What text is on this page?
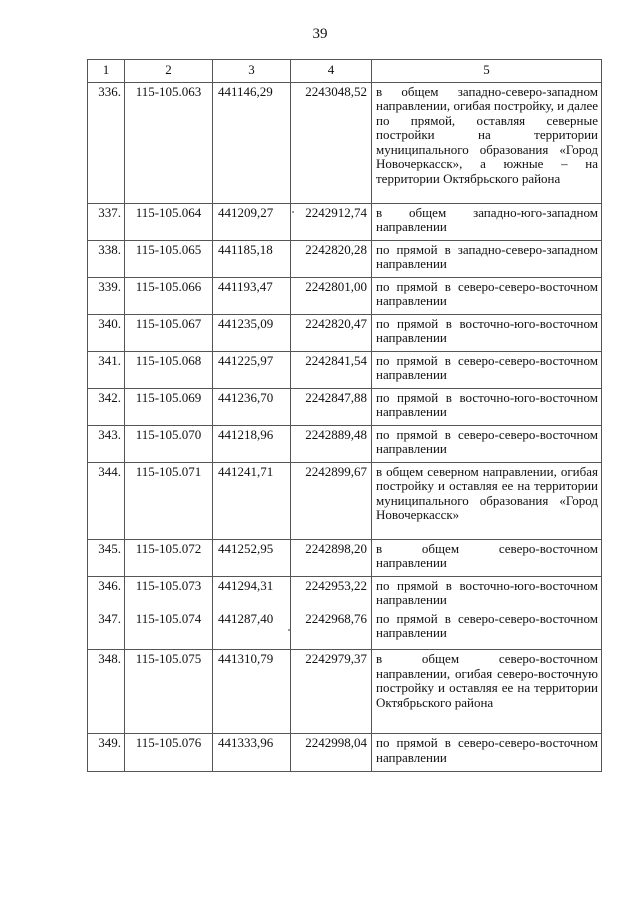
39
1	2	3	4	5
336.	115-105.063	441146,29	2243048,52	в общем западно-северо-западном направлении, огибая постройку, и далее по прямой, оставляя северные постройки на территории муниципального образования «Город Новочеркасск», а южные – на территории Октябрьского района
337.	115-105.064	441209,27	2242912,74	в общем западно-юго-западном направлении
338.	115-105.065	441185,18	2242820,28	по прямой в западно-северо-западном направлении
339.	115-105.066	441193,47	2242801,00	по прямой в северо-северо-восточном направлении
340.	115-105.067	441235,09	2242820,47	по прямой в восточно-юго-восточном направлении
341.	115-105.068	441225,97	2242841,54	по прямой в северо-северо-восточном направлении
342.	115-105.069	441236,70	2242847,88	по прямой в восточно-юго-восточном направлении
343.	115-105.070	441218,96	2242889,48	по прямой в северо-северо-восточном направлении
344.	115-105.071	441241,71	2242899,67	в общем северном направлении, огибая постройку и оставляя ее на территории муниципального образования «Город Новочеркасск»
345.	115-105.072	441252,95	2242898,20	в общем северо-восточном направлении
346.	115-105.073	441294,31	2242953,22	по прямой в восточно-юго-восточном направлении
347.	115-105.074	441287,40	2242968,76	по прямой в северо-северо-восточном направлении
348.	115-105.075	441310,79	2242979,37	в общем северо-восточном направлении, огибая северо-восточную постройку и оставляя ее на территории Октябрьского района
349.	115-105.076	441333,96	2242998,04	по прямой в северо-северо-восточном направлении
